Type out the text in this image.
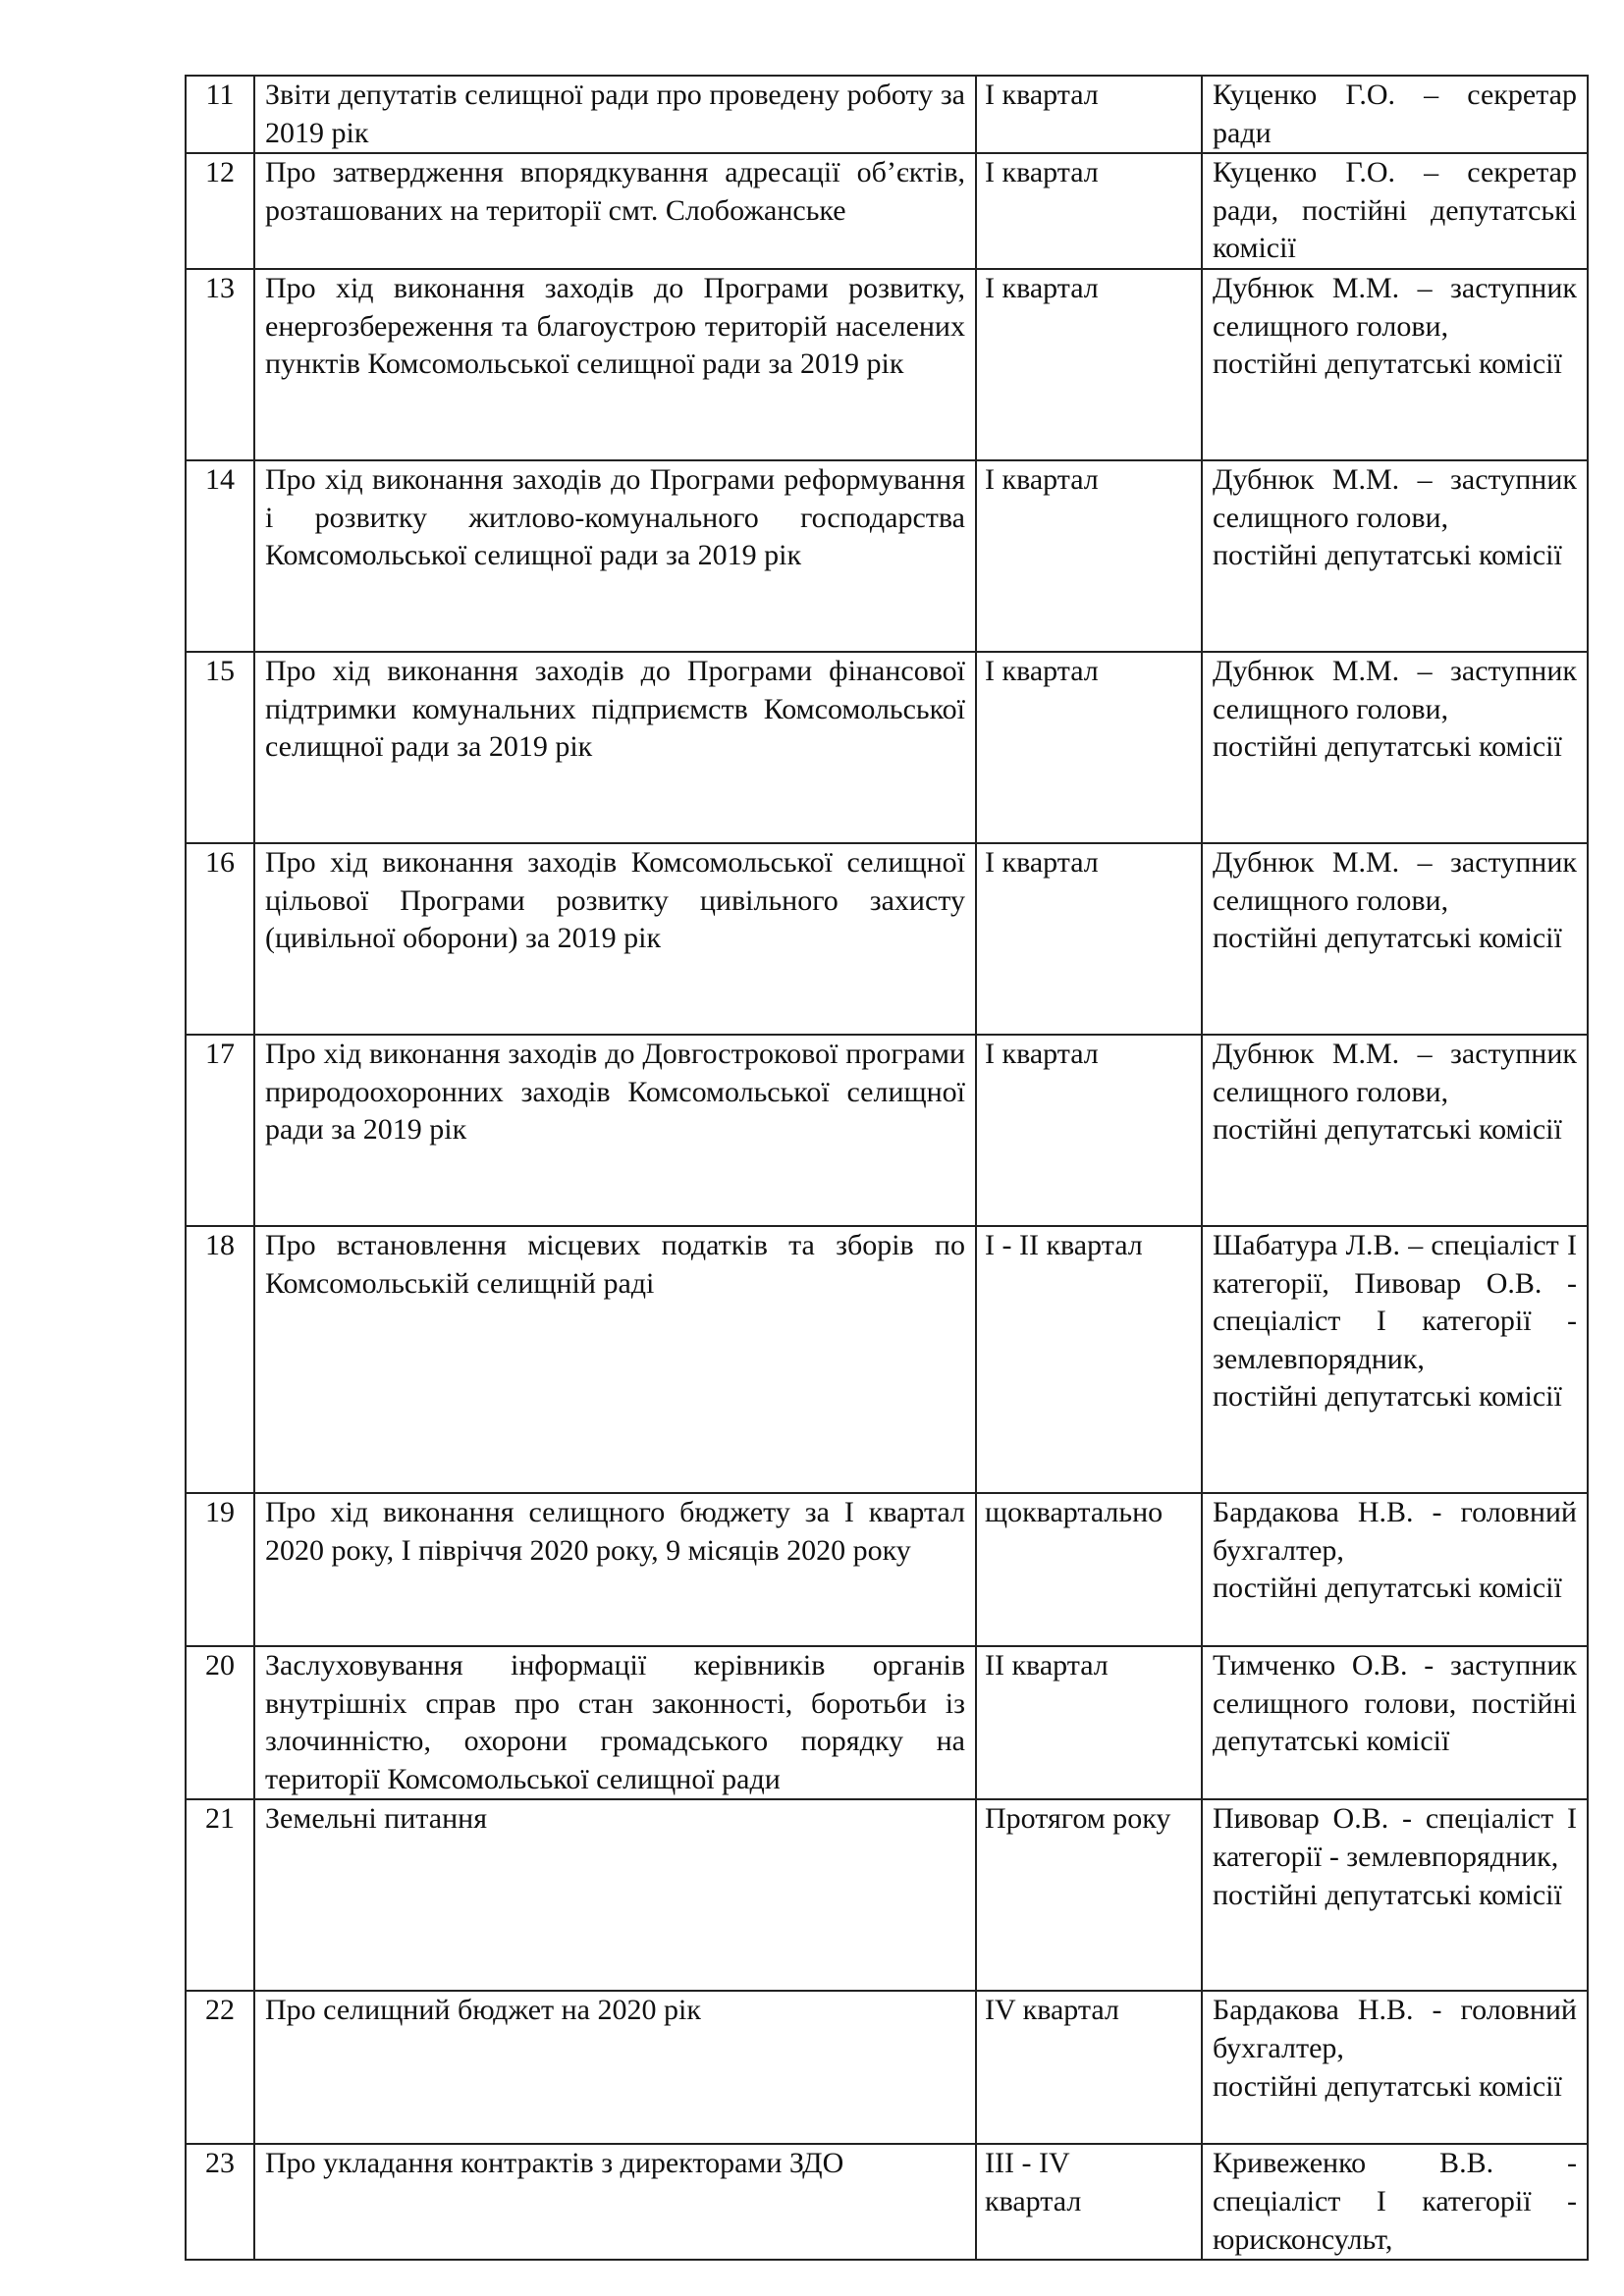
11	Звіти депутатів селищної ради про проведену роботу за 2019 рік	І квартал	Куценко Г.О. – секретар ради
12	Про затвердження впорядкування адресації об’єктів, розташованих на території смт. Слобожанське	І квартал	Куценко Г.О. – секретар ради, постійні депутатські комісії
13	Про хід виконання заходів до Програми розвитку, енергозбереження та благоустрою територій населених пунктів Комсомольської селищної ради за 2019 рік	І квартал	Дубнюк М.М. – заступник селищного голови,
постійні депутатські комісії
14	Про хід виконання заходів до Програми реформування і розвитку житлово-комунального господарства Комсомольської селищної ради за 2019 рік	І квартал	Дубнюк М.М. – заступник селищного голови,
постійні депутатські комісії
15	Про хід виконання заходів до Програми фінансової підтримки комунальних підприємств Комсомольської селищної ради за 2019 рік	І квартал	Дубнюк М.М. – заступник селищного голови,
постійні депутатські комісії
16	Про хід виконання заходів Комсомольської селищної цільової Програми розвитку цивільного захисту (цивільної оборони) за 2019 рік	І квартал	Дубнюк М.М. – заступник селищного голови,
постійні депутатські комісії
17	Про хід виконання заходів до Довгострокової програми природоохоронних заходів Комсомольської селищної ради за 2019 рік	І квартал	Дубнюк М.М. – заступник селищного голови,
постійні депутатські комісії
18	Про встановлення місцевих податків та зборів по Комсомольській селищній раді	І - ІІ квартал	Шабатура Л.В. – спеціаліст І категорії, Пивовар О.В. - спеціаліст І категорії - землевпорядник,
постійні депутатські комісії
19	Про хід виконання селищного бюджету за І квартал 2020 року, І півріччя 2020 року, 9 місяців 2020 року	щоквартально	Бардакова Н.В. - головний бухгалтер,
постійні депутатські комісії
20	Заслуховування інформації керівників органів внутрішніх справ про стан законності, боротьби із злочинністю, охорони громадського порядку на території Комсомольської селищної ради	ІІ квартал	Тимченко О.В. - заступник селищного голови, постійні депутатські комісії
21	Земельні питання	Протягом року	Пивовар О.В. - спеціаліст І категорії - землевпорядник,
постійні депутатські комісії
22	Про селищний бюджет на 2020 рік	ІV квартал	Бардакова Н.В. - головний бухгалтер,
постійні депутатські комісії
23	Про укладання контрактів з директорами ЗДО	ІІІ - ІV
квартал	Кривеженко В.В. - спеціаліст І категорії - юрисконсульт,
